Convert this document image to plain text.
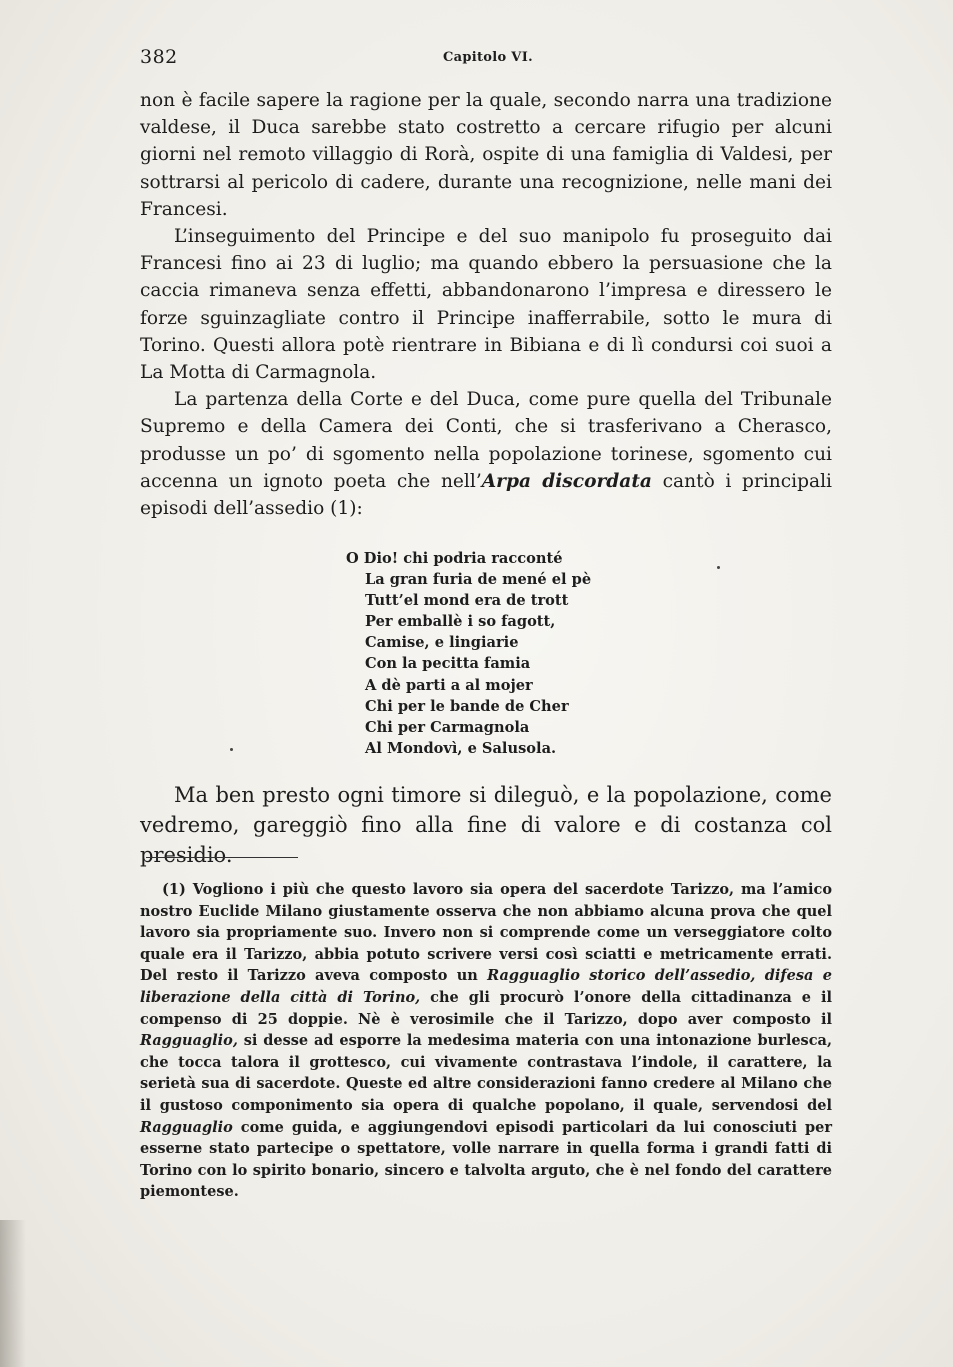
382	Capitolo VI.

non è facile sapere la ragione per la quale, secondo narra una tradizione valdese, il Duca sarebbe stato costretto a cercare rifugio per alcuni giorni nel remoto villaggio di Rorà, ospite di una famiglia di Valdesi, per sottrarsi al pericolo di cadere, durante una recognizione, nelle mani dei Francesi.

L’inseguimento del Principe e del suo manipolo fu proseguito dai Francesi fino ai 23 di luglio; ma quando ebbero la persuasione che la caccia rimaneva senza effetti, abbandonarono l’impresa e diressero le forze sguinzagliate contro il Principe inafferrabile, sotto le mura di Torino. Questi allora potè rientrare in Bibiana e di lì condursi coi suoi a La Motta di Carmagnola.

La partenza della Corte e del Duca, come pure quella del Tribunale Supremo e della Camera dei Conti, che si trasferivano a Cherasco, produsse un po’ di sgomento nella popolazione torinese, sgomento cui accenna un ignoto poeta che nell’Arpa discordata cantò i principali episodi dell’assedio (1):

O Dio! chi podria racconté
La gran furia de mené el pè
Tutt’el mond era de trott
Per emballè i so fagott,
Camise, e lingiarie
Con la pecitta famia
A dè parti a al mojer
Chi per le bande de Cher
Chi per Carmagnola
Al Mondovì, e Salusola.

Ma ben presto ogni timore si dileguò, e la popolazione, come vedremo, gareggiò fino alla fine di valore e di costanza col presidio.

(1) Vogliono i più che questo lavoro sia opera del sacerdote Tarizzo, ma l’amico nostro Euclide Milano giustamente osserva che non abbiamo alcuna prova che quel lavoro sia propriamente suo. Invero non si comprende come un verseggiatore colto quale era il Tarizzo, abbia potuto scrivere versi così sciatti e metricamente errati. Del resto il Tarizzo aveva composto un Ragguaglio storico dell’assedio, difesa e liberazione della città di Torino, che gli procurò l’onore della cittadinanza e il compenso di 25 doppie. Nè è verosimile che il Tarizzo, dopo aver composto il Ragguaglio, si desse ad esporre la medesima materia con una intonazione burlesca, che tocca talora il grottesco, cui vivamente contrastava l’indole, il carattere, la serietà sua di sacerdote. Queste ed altre considerazioni fanno credere al Milano che il gustoso componimento sia opera di qualche popolano, il quale, servendosi del Ragguaglio come guida, e aggiungendovi episodi particolari da lui conosciuti per esserne stato partecipe o spettatore, volle narrare in quella forma i grandi fatti di Torino con lo spirito bonario, sincero e talvolta arguto, che è nel fondo del carattere piemontese.
